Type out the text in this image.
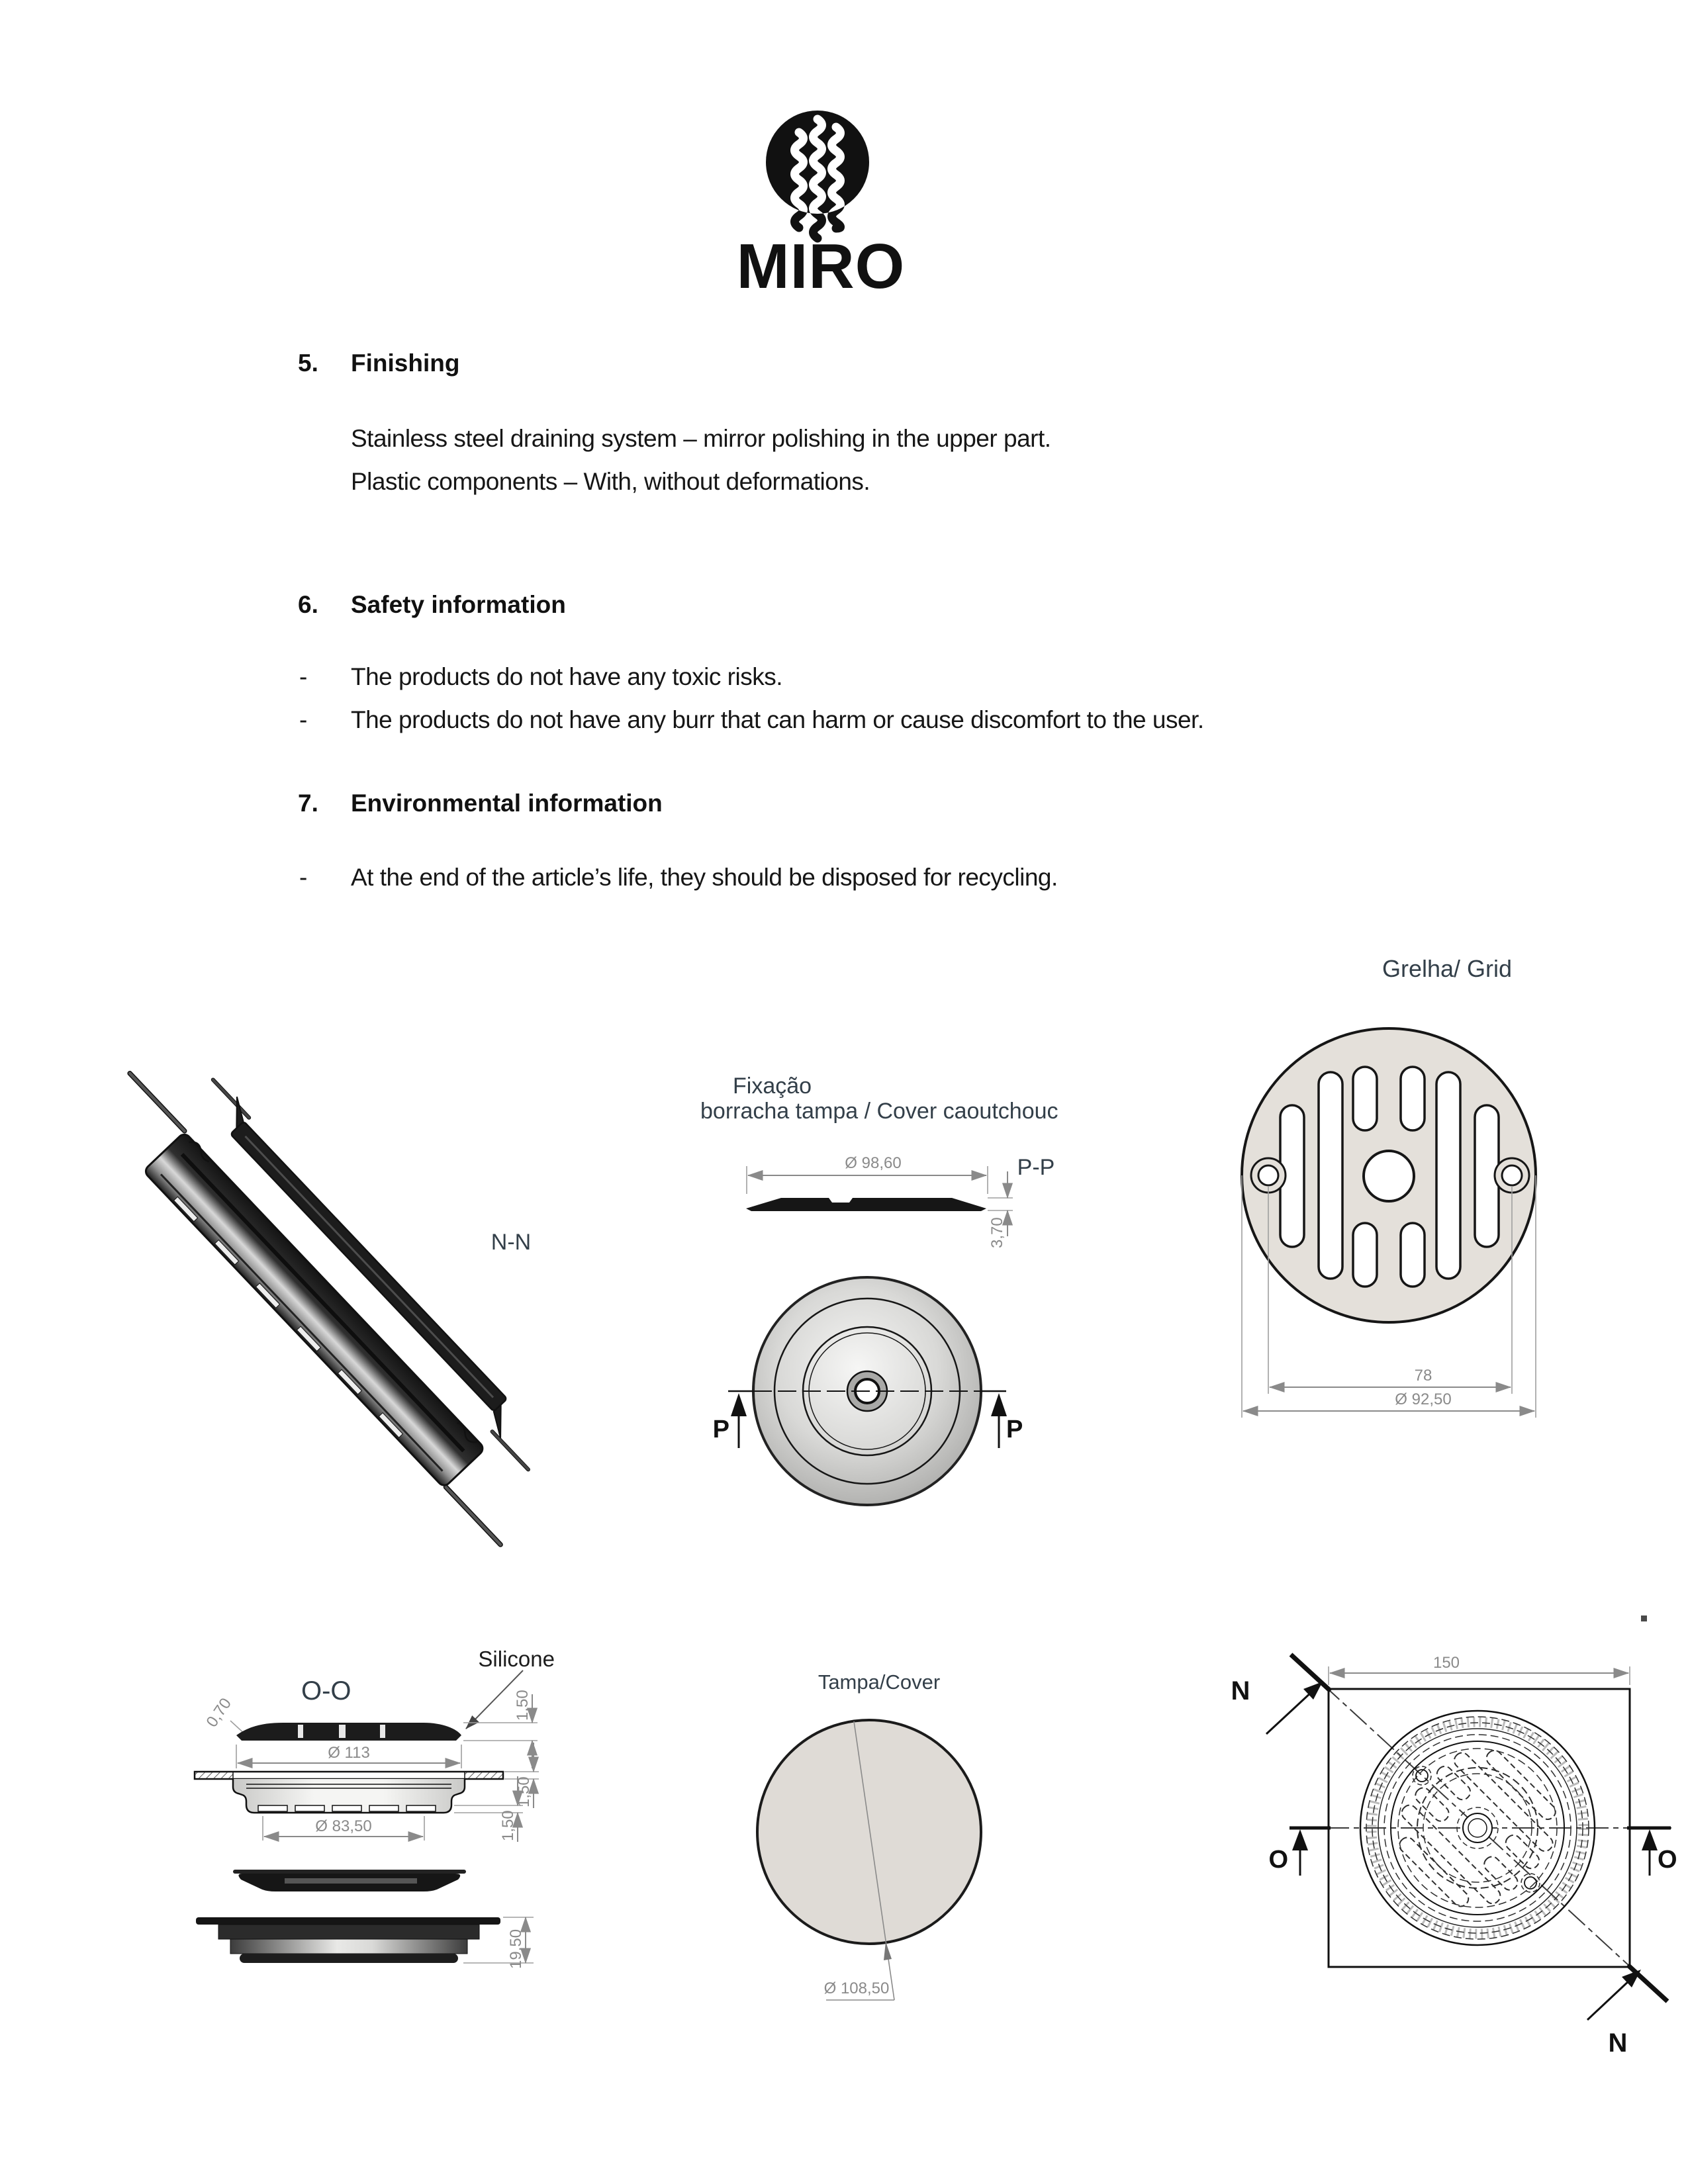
MIRO
5. Finishing
Stainless steel draining system – mirror polishing in the upper part.
Plastic components – With, without deformations.
6. Safety information
- The products do not have any toxic risks.
- The products do not have any burr that can harm or cause discomfort to the user.
7. Environmental information
- At the end of the article’s life, they should be disposed for recycling.
N-N
Fixação
borracha tampa / Cover caoutchouc
Ø 98,60	P-P
3,70
P	P
Grelha/ Grid
78
Ø 92,50
Silicone
O-O
0,70	1,50
Ø 113
1,50
1,50
Ø 83,50
19,50
Tampa/Cover
Ø 108,50
150
N
N
O	O
